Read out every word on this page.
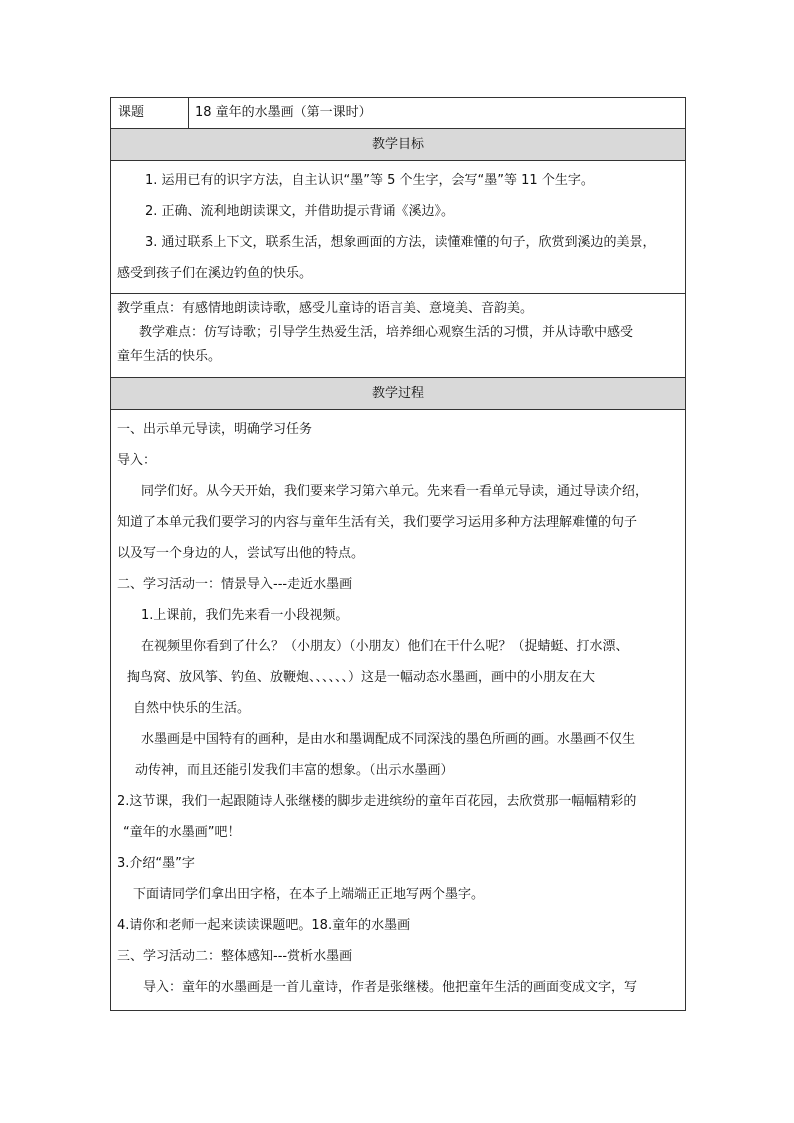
课题	18 童年的水墨画（第一课时）
教学目标

1. 运用已有的识字方法，自主认识“墨”等 5 个生字，会写“墨”等 11 个生字。

2. 正确、流利地朗读课文，并借助提示背诵《溪边》。

3. 通过联系上下文，联系生活，想象画面的方法，读懂难懂的句子，欣赏到溪边的美景，

感受到孩子们在溪边钓鱼的快乐。

教学重点：有感情地朗读诗歌，感受儿童诗的语言美、意境美、音韵美。

教学难点：仿写诗歌；引导学生热爱生活，培养细心观察生活的习惯，并从诗歌中感受

童年生活的快乐。

教学过程

一、出示单元导读，明确学习任务

导入：

同学们好。从今天开始，我们要来学习第六单元。先来看一看单元导读，通过导读介绍，

知道了本单元我们要学习的内容与童年生活有关，我们要学习运用多种方法理解难懂的句子

以及写一个身边的人，尝试写出他的特点。

二、学习活动一：情景导入---走近水墨画

1.上课前，我们先来看一小段视频。

在视频里你看到了什么？（小朋友）（小朋友）他们在干什么呢？（捉蜻蜓、打水漂、

掏鸟窝、放风筝、钓鱼、放鞭炮、、、、、、）这是一幅动态水墨画，画中的小朋友在大

自然中快乐的生活。

水墨画是中国特有的画种，是由水和墨调配成不同深浅的墨色所画的画。水墨画不仅生

动传神，而且还能引发我们丰富的想象。（出示水墨画）

2.这节课，我们一起跟随诗人张继楼的脚步走进缤纷的童年百花园，去欣赏那一幅幅精彩的

“童年的水墨画”吧！

3.介绍“墨”字

下面请同学们拿出田字格，在本子上端端正正地写两个墨字。

4.请你和老师一起来读读课题吧。18.童年的水墨画

三、学习活动二：整体感知---赏析水墨画

导入：童年的水墨画是一首儿童诗，作者是张继楼。他把童年生活的画面变成文字，写
